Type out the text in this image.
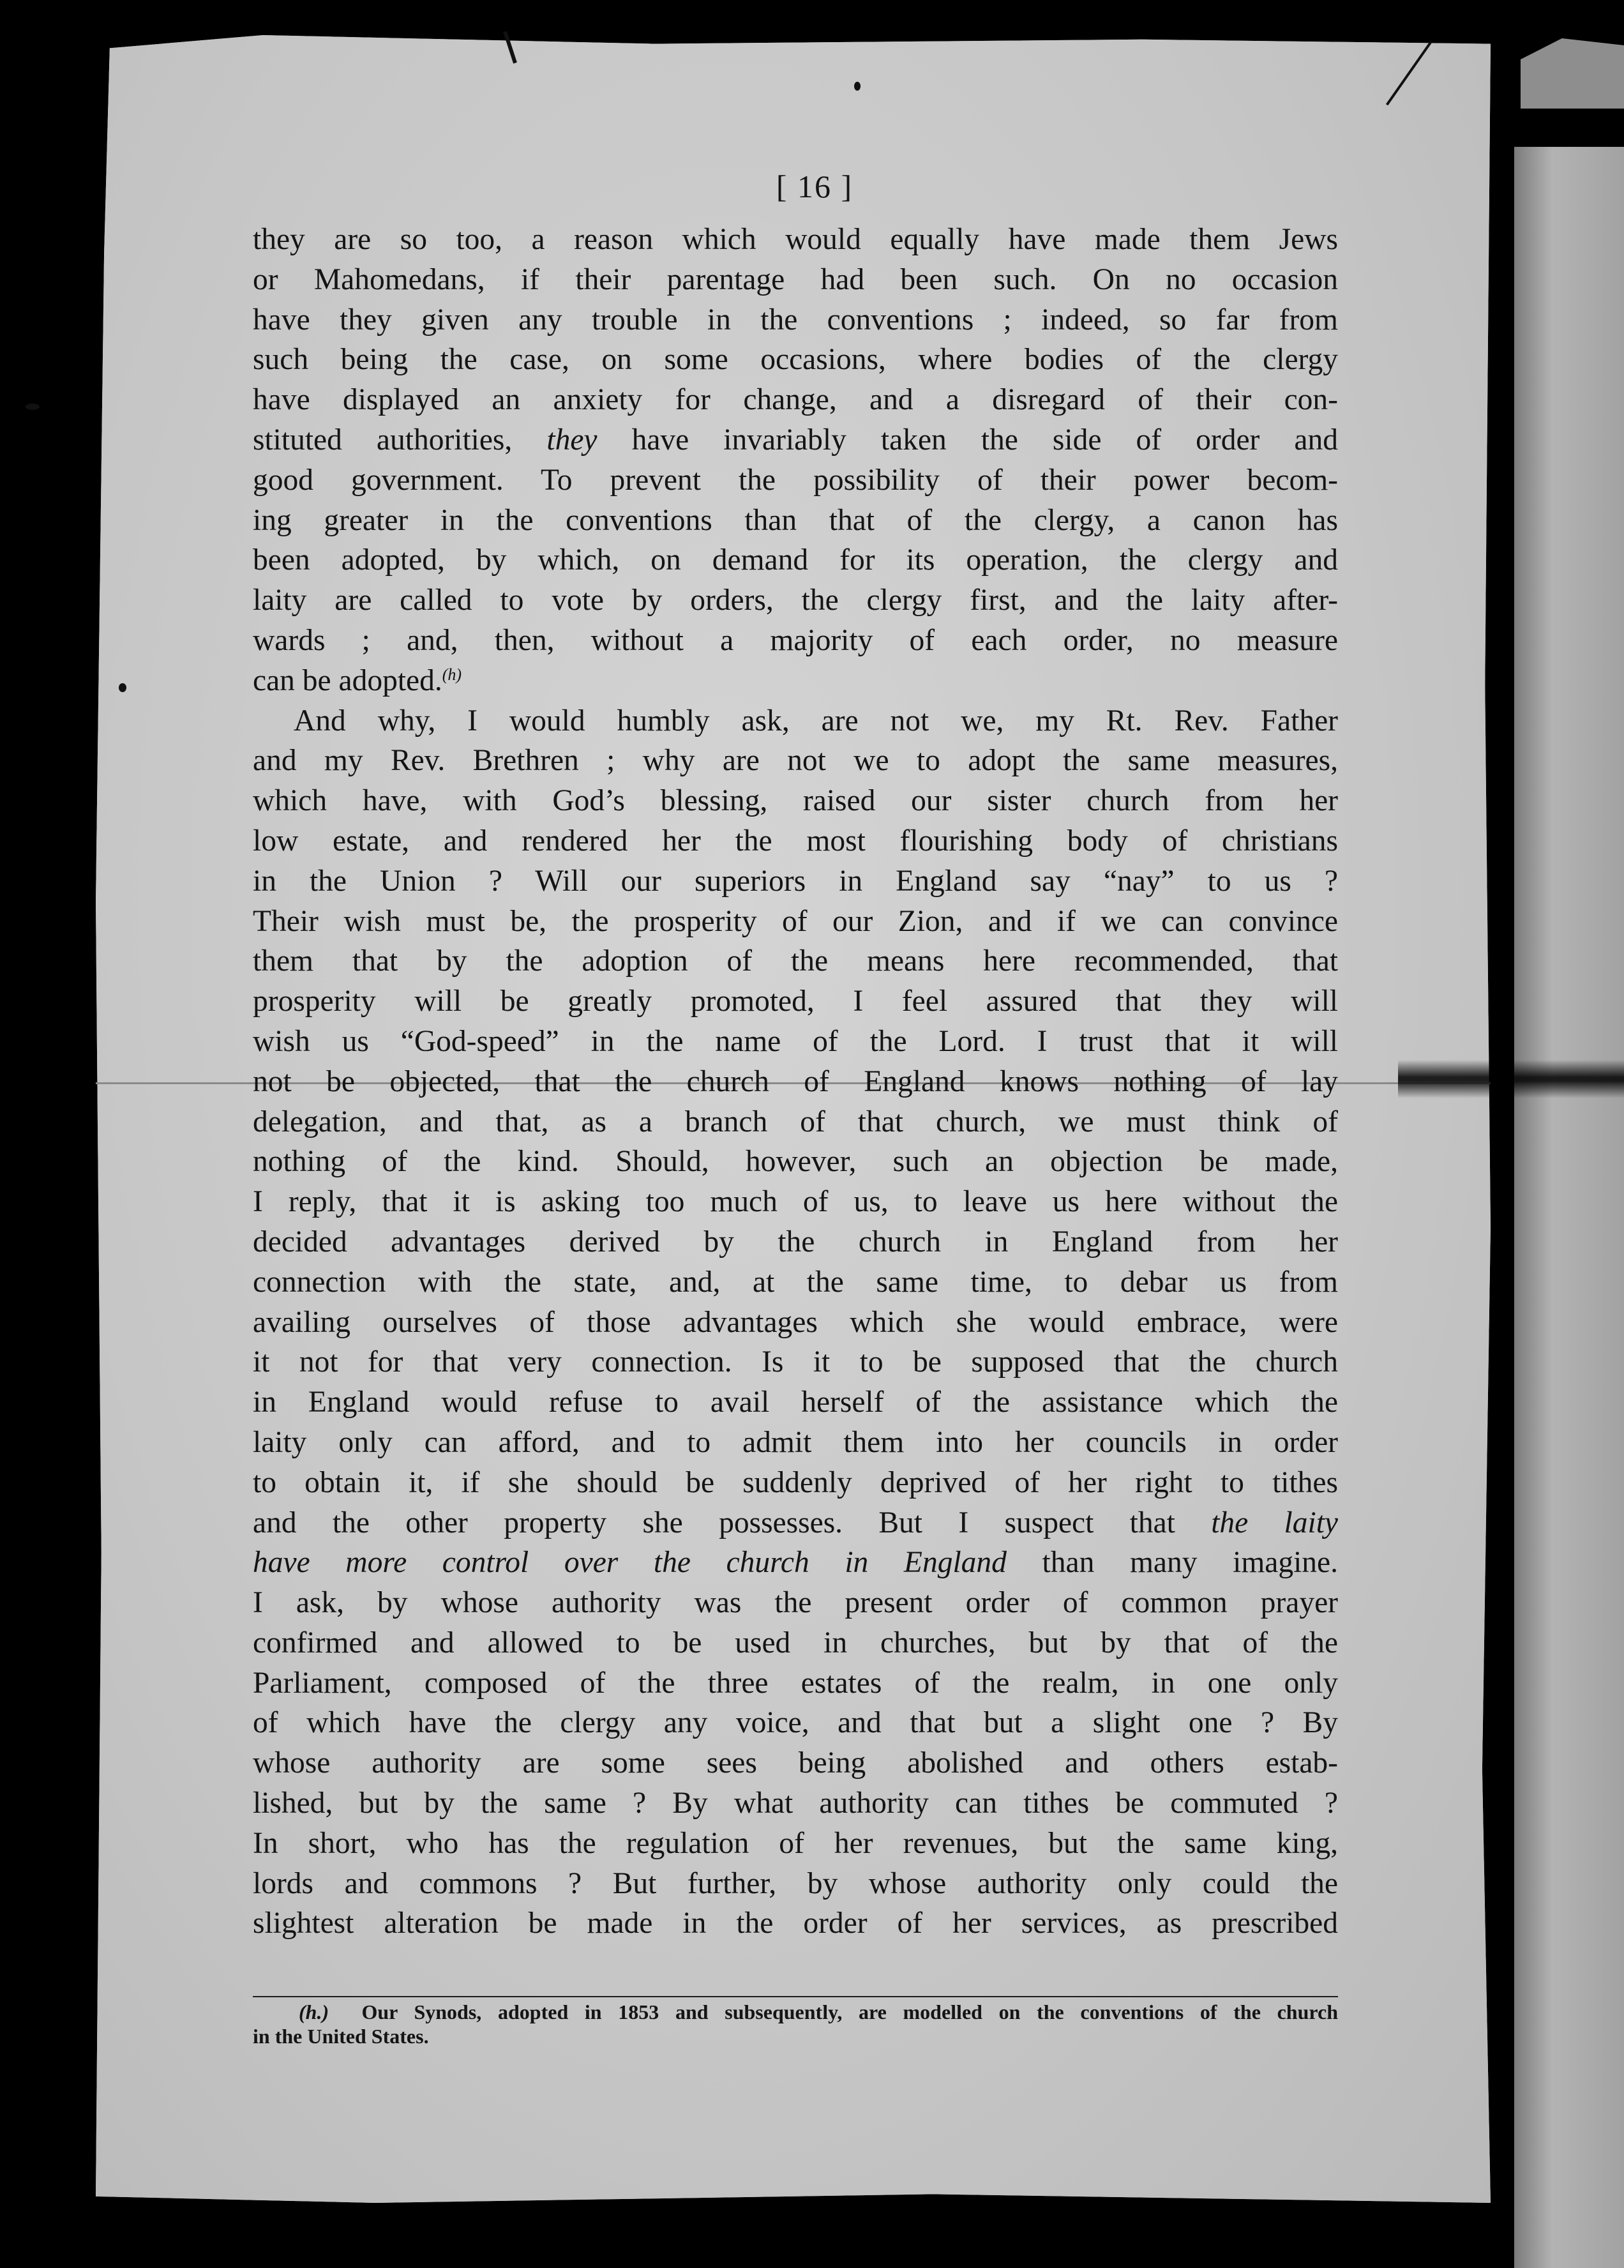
[ 16 ]

they are so too, a reason which would equally have made them Jews
or Mahomedans, if their parentage had been such. On no occasion
have they given any trouble in the conventions ; indeed, so far from
such being the case, on some occasions, where bodies of the clergy
have displayed an anxiety for change, and a disregard of their con-
stituted authorities, they have invariably taken the side of order and
good government. To prevent the possibility of their power becom-
ing greater in the conventions than that of the clergy, a canon has
been adopted, by which, on demand for its operation, the clergy and
laity are called to vote by orders, the clergy first, and the laity after-
wards ; and, then, without a majority of each order, no measure
can be adopted.$^{(h)}$

And why, I would humbly ask, are not we, my Rt. Rev. Father
and my Rev. Brethren ; why are not we to adopt the same measures,
which have, with God’s blessing, raised our sister church from her
low estate, and rendered her the most flourishing body of christians
in the Union ? Will our superiors in England say “nay” to us ?
Their wish must be, the prosperity of our Zion, and if we can convince
them that by the adoption of the means here recommended, that
prosperity will be greatly promoted, I feel assured that they will
wish us “God-speed” in the name of the Lord. I trust that it will
not be objected, that the church of England knows nothing of lay
delegation, and that, as a branch of that church, we must think of
nothing of the kind. Should, however, such an objection be made,
I reply, that it is asking too much of us, to leave us here without the
decided advantages derived by the church in England from her
connection with the state, and, at the same time, to debar us from
availing ourselves of those advantages which she would embrace, were
it not for that very connection. Is it to be supposed that the church
in England would refuse to avail herself of the assistance which the
laity only can afford, and to admit them into her councils in order
to obtain it, if she should be suddenly deprived of her right to tithes
and the other property she possesses. But I suspect that the laity
have more control over the church in England than many imagine.
I ask, by whose authority was the present order of common prayer
confirmed and allowed to be used in churches, but by that of the
Parliament, composed of the three estates of the realm, in one only
of which have the clergy any voice, and that but a slight one ? By
whose authority are some sees being abolished and others estab-
lished, but by the same ? By what authority can tithes be commuted ?
In short, who has the regulation of her revenues, but the same king,
lords and commons ? But further, by whose authority only could the
slightest alteration be made in the order of her services, as prescribed

(h.) Our Synods, adopted in 1853 and subsequently, are modelled on the conventions of the church
in the United States.
